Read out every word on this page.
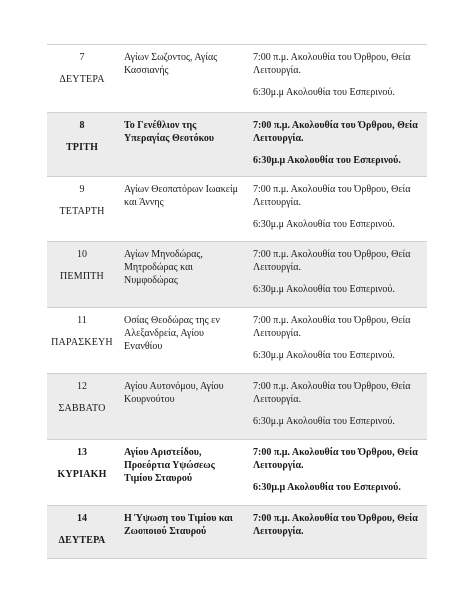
7
ΔΕΥΤΕΡΑ
Αγίων Σωζοντος, Αγίας Κασσιανής
7:00 π.μ. Ακολουθία του Όρθρου, Θεία Λειτουργία.
6:30μ.μ Ακολουθία του Εσπερινού.
8
ΤΡΙΤΗ
Το Γενέθλιον της Υπεραγίας Θεοτόκου
7:00 π.μ. Ακολουθία του Όρθρου, Θεία Λειτουργία.
6:30μ.μ Ακολουθία του Εσπερινού.
9
ΤΕΤΑΡΤΗ
Αγίων Θεοπατόρων Ιωακείμ και Άννης
7:00 π.μ. Ακολουθία του Όρθρου, Θεία Λειτουργία.
6:30μ.μ Ακολουθία του Εσπερινού.
10
ΠΕΜΠΤΗ
Αγίων Μηνοδώρας, Μητροδώρας και Νυμφοδώρας
7:00 π.μ. Ακολουθία του Όρθρου, Θεία Λειτουργία.
6:30μ.μ Ακολουθία του Εσπερινού.
11
ΠΑΡΑΣΚΕΥΗ
Οσίας Θεοδώρας της εν Αλεξανδρεία, Αγίου Εvανθίου
7:00 π.μ. Ακολουθία του Όρθρου, Θεία Λειτουργία.
6:30μ.μ Ακολουθία του Εσπερινού.
12
ΣΑΒΒΑΤΟ
Αγίου Αυτονόμου, Αγίου Κουρνούτου
7:00 π.μ. Ακολουθία του Όρθρου, Θεία Λειτουργία.
6:30μ.μ Ακολουθία του Εσπερινού.
13
ΚΥΡΙΑΚΗ
Αγίου Αριστείδου, Προεόρτια Υψώσεως Τιμίου Σταυρού
7:00 π.μ. Ακολουθία του Όρθρου, Θεία Λειτουργία.
6:30μ.μ Ακολουθία του Εσπερινού.
14
ΔΕΥΤΕΡΑ
Η Ύψωση του Τιμίου και Ζωοποιού Σταυρού
7:00 π.μ. Ακολουθία του Όρθρου, Θεία Λειτουργία.
